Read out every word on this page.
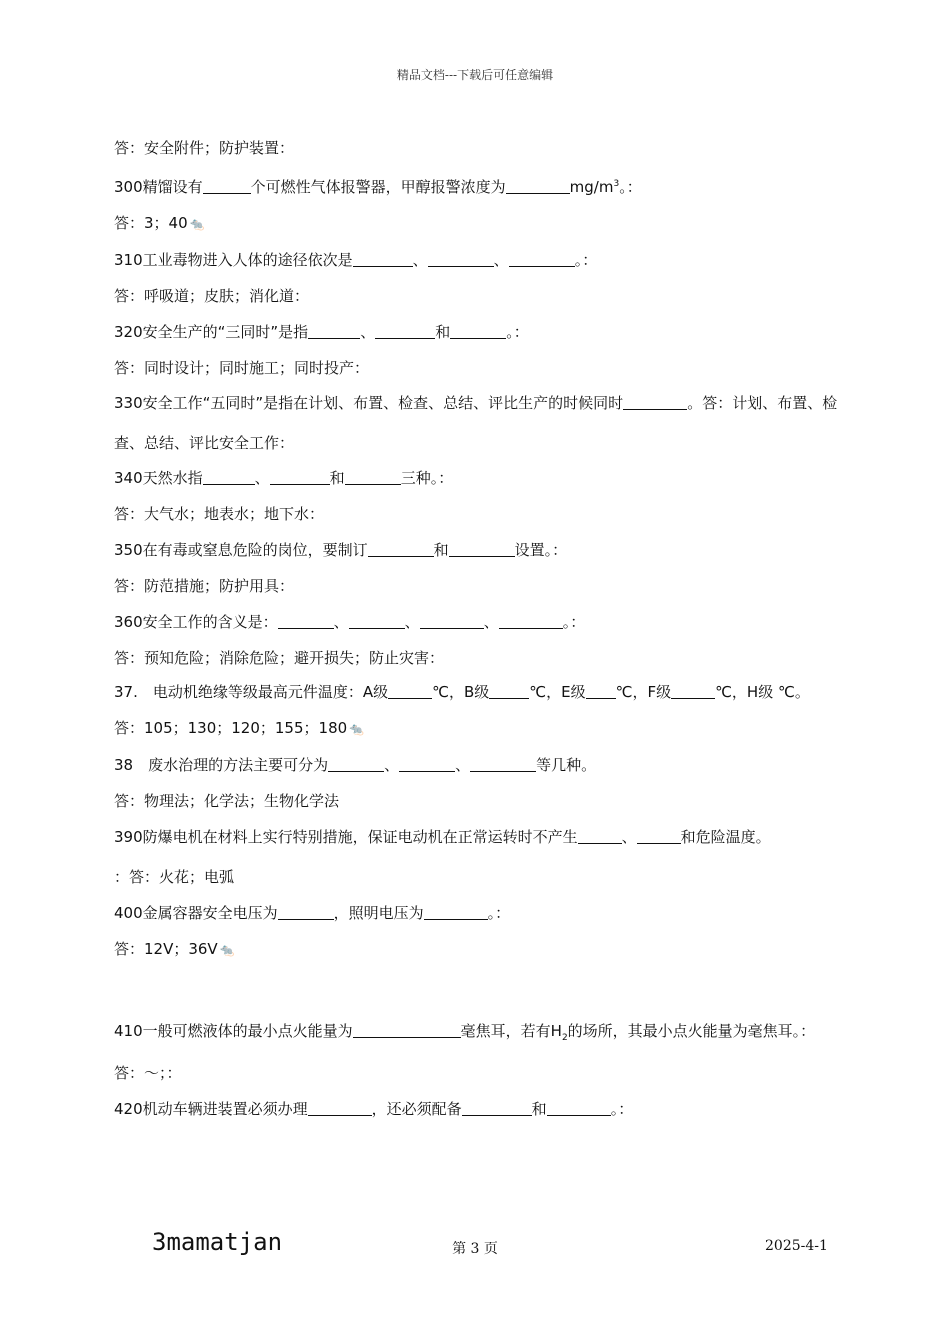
精品文档---下载后可任意编辑
答：安全附件；防护装置：
300精馏设有	个可燃性气体报警器，甲醇报警浓度为	$mg/m^3$。：
答：3；40 🐀
310工业毒物进入人体的途径依次是	、	、	。：
答：呼吸道；皮肤；消化道：
320安全生产的“三同时”是指	、	和	。：
答：同时设计；同时施工；同时投产：
330安全工作“五同时”是指在计划、布置、检查、总结、评比生产的时候同时	。答：计划、布置、检查、总结、评比安全工作：
340天然水指	、	和	三种。：
答：大气水；地表水；地下水：
350在有毒或窒息危险的岗位，要制订	和	设置。：
答：防范措施；防护用具：
360安全工作的含义是：	、	、	、	。：
答：预知危险；消除危险；避开损失；防止灾害：
37.　电动机绝缘等级最高元件温度：A级	℃，B级	℃，E级 ℃，F级	℃，H级 ℃。
答：105；130；120；155；180 🐀
38　废水治理的方法主要可分为	、	、	等几种。
答：物理法；化学法；生物化学法
390防爆电机在材料上实行特别措施，保证电动机在正常运转时不产生	、	和危险温度。
：答：火花；电弧
400金属容器安全电压为	，照明电压为	。：
答：12V；36V 🐀
410一般可燃液体的最小点火能量为	毫焦耳，若有$H_2$的场所，其最小点火能量为毫焦耳。：
答：～；：
420机动车辆进装置必须办理	，还必须配备	和	。：
3mamatjan	第 3 页	2025-4-1
